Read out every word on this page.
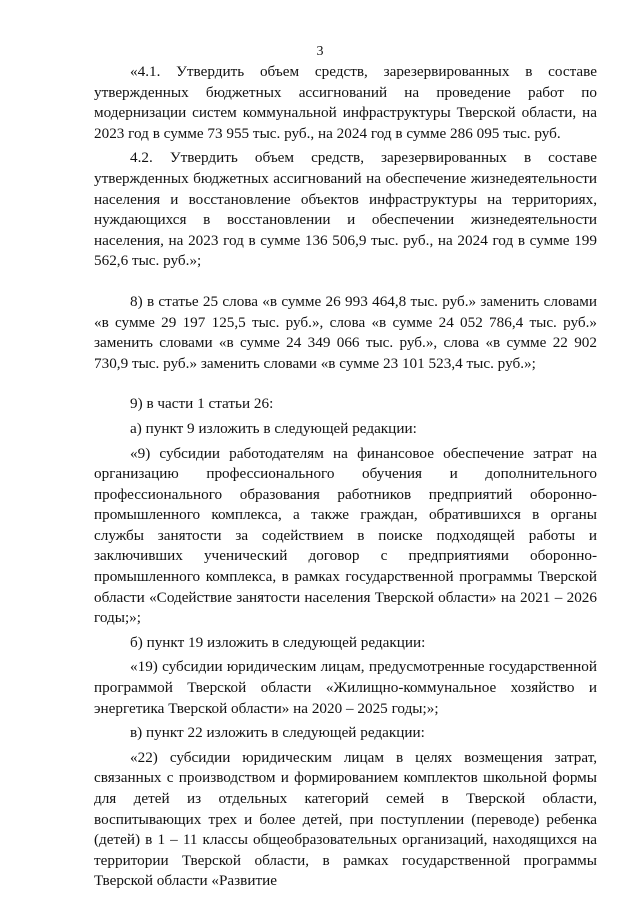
3

«4.1. Утвердить объем средств, зарезервированных в составе утвержденных бюджетных ассигнований на проведение работ по модернизации систем коммунальной инфраструктуры Тверской области, на 2023 год в сумме 73 955 тыс. руб., на 2024 год в сумме 286 095 тыс. руб.

4.2. Утвердить объем средств, зарезервированных в составе утвержденных бюджетных ассигнований на обеспечение жизнедеятельности населения и восстановление объектов инфраструктуры на территориях, нуждающихся в восстановлении и обеспечении жизнедеятельности населения, на 2023 год в сумме 136 506,9 тыс. руб., на 2024 год в сумме 199 562,6 тыс. руб.»;

8) в статье 25 слова «в сумме 26 993 464,8 тыс. руб.» заменить словами «в сумме 29 197 125,5 тыс. руб.», слова «в сумме 24 052 786,4 тыс. руб.» заменить словами «в сумме 24 349 066 тыс. руб.», слова «в сумме 22 902 730,9 тыс. руб.» заменить словами «в сумме 23 101 523,4 тыс. руб.»;

9) в части 1 статьи 26:

а) пункт 9 изложить в следующей редакции:

«9) субсидии работодателям на финансовое обеспечение затрат на организацию профессионального обучения и дополнительного профессионального образования работников предприятий оборонно-промышленного комплекса, а также граждан, обратившихся в органы службы занятости за содействием в поиске подходящей работы и заключивших ученический договор с предприятиями оборонно-промышленного комплекса, в рамках государственной программы Тверской области «Содействие занятости населения Тверской области» на 2021 – 2026 годы;»;

б) пункт 19 изложить в следующей редакции:

«19) субсидии юридическим лицам, предусмотренные государственной программой Тверской области «Жилищно-коммунальное хозяйство и энергетика Тверской области» на 2020 – 2025 годы;»;

в) пункт 22 изложить в следующей редакции:

«22) субсидии юридическим лицам в целях возмещения затрат, связанных с производством и формированием комплектов школьной формы для детей из отдельных категорий семей в Тверской области, воспитывающих трех и более детей, при поступлении (переводе) ребенка (детей) в 1 – 11 классы общеобразовательных организаций, находящихся на территории Тверской области, в рамках государственной программы Тверской области «Развитие
